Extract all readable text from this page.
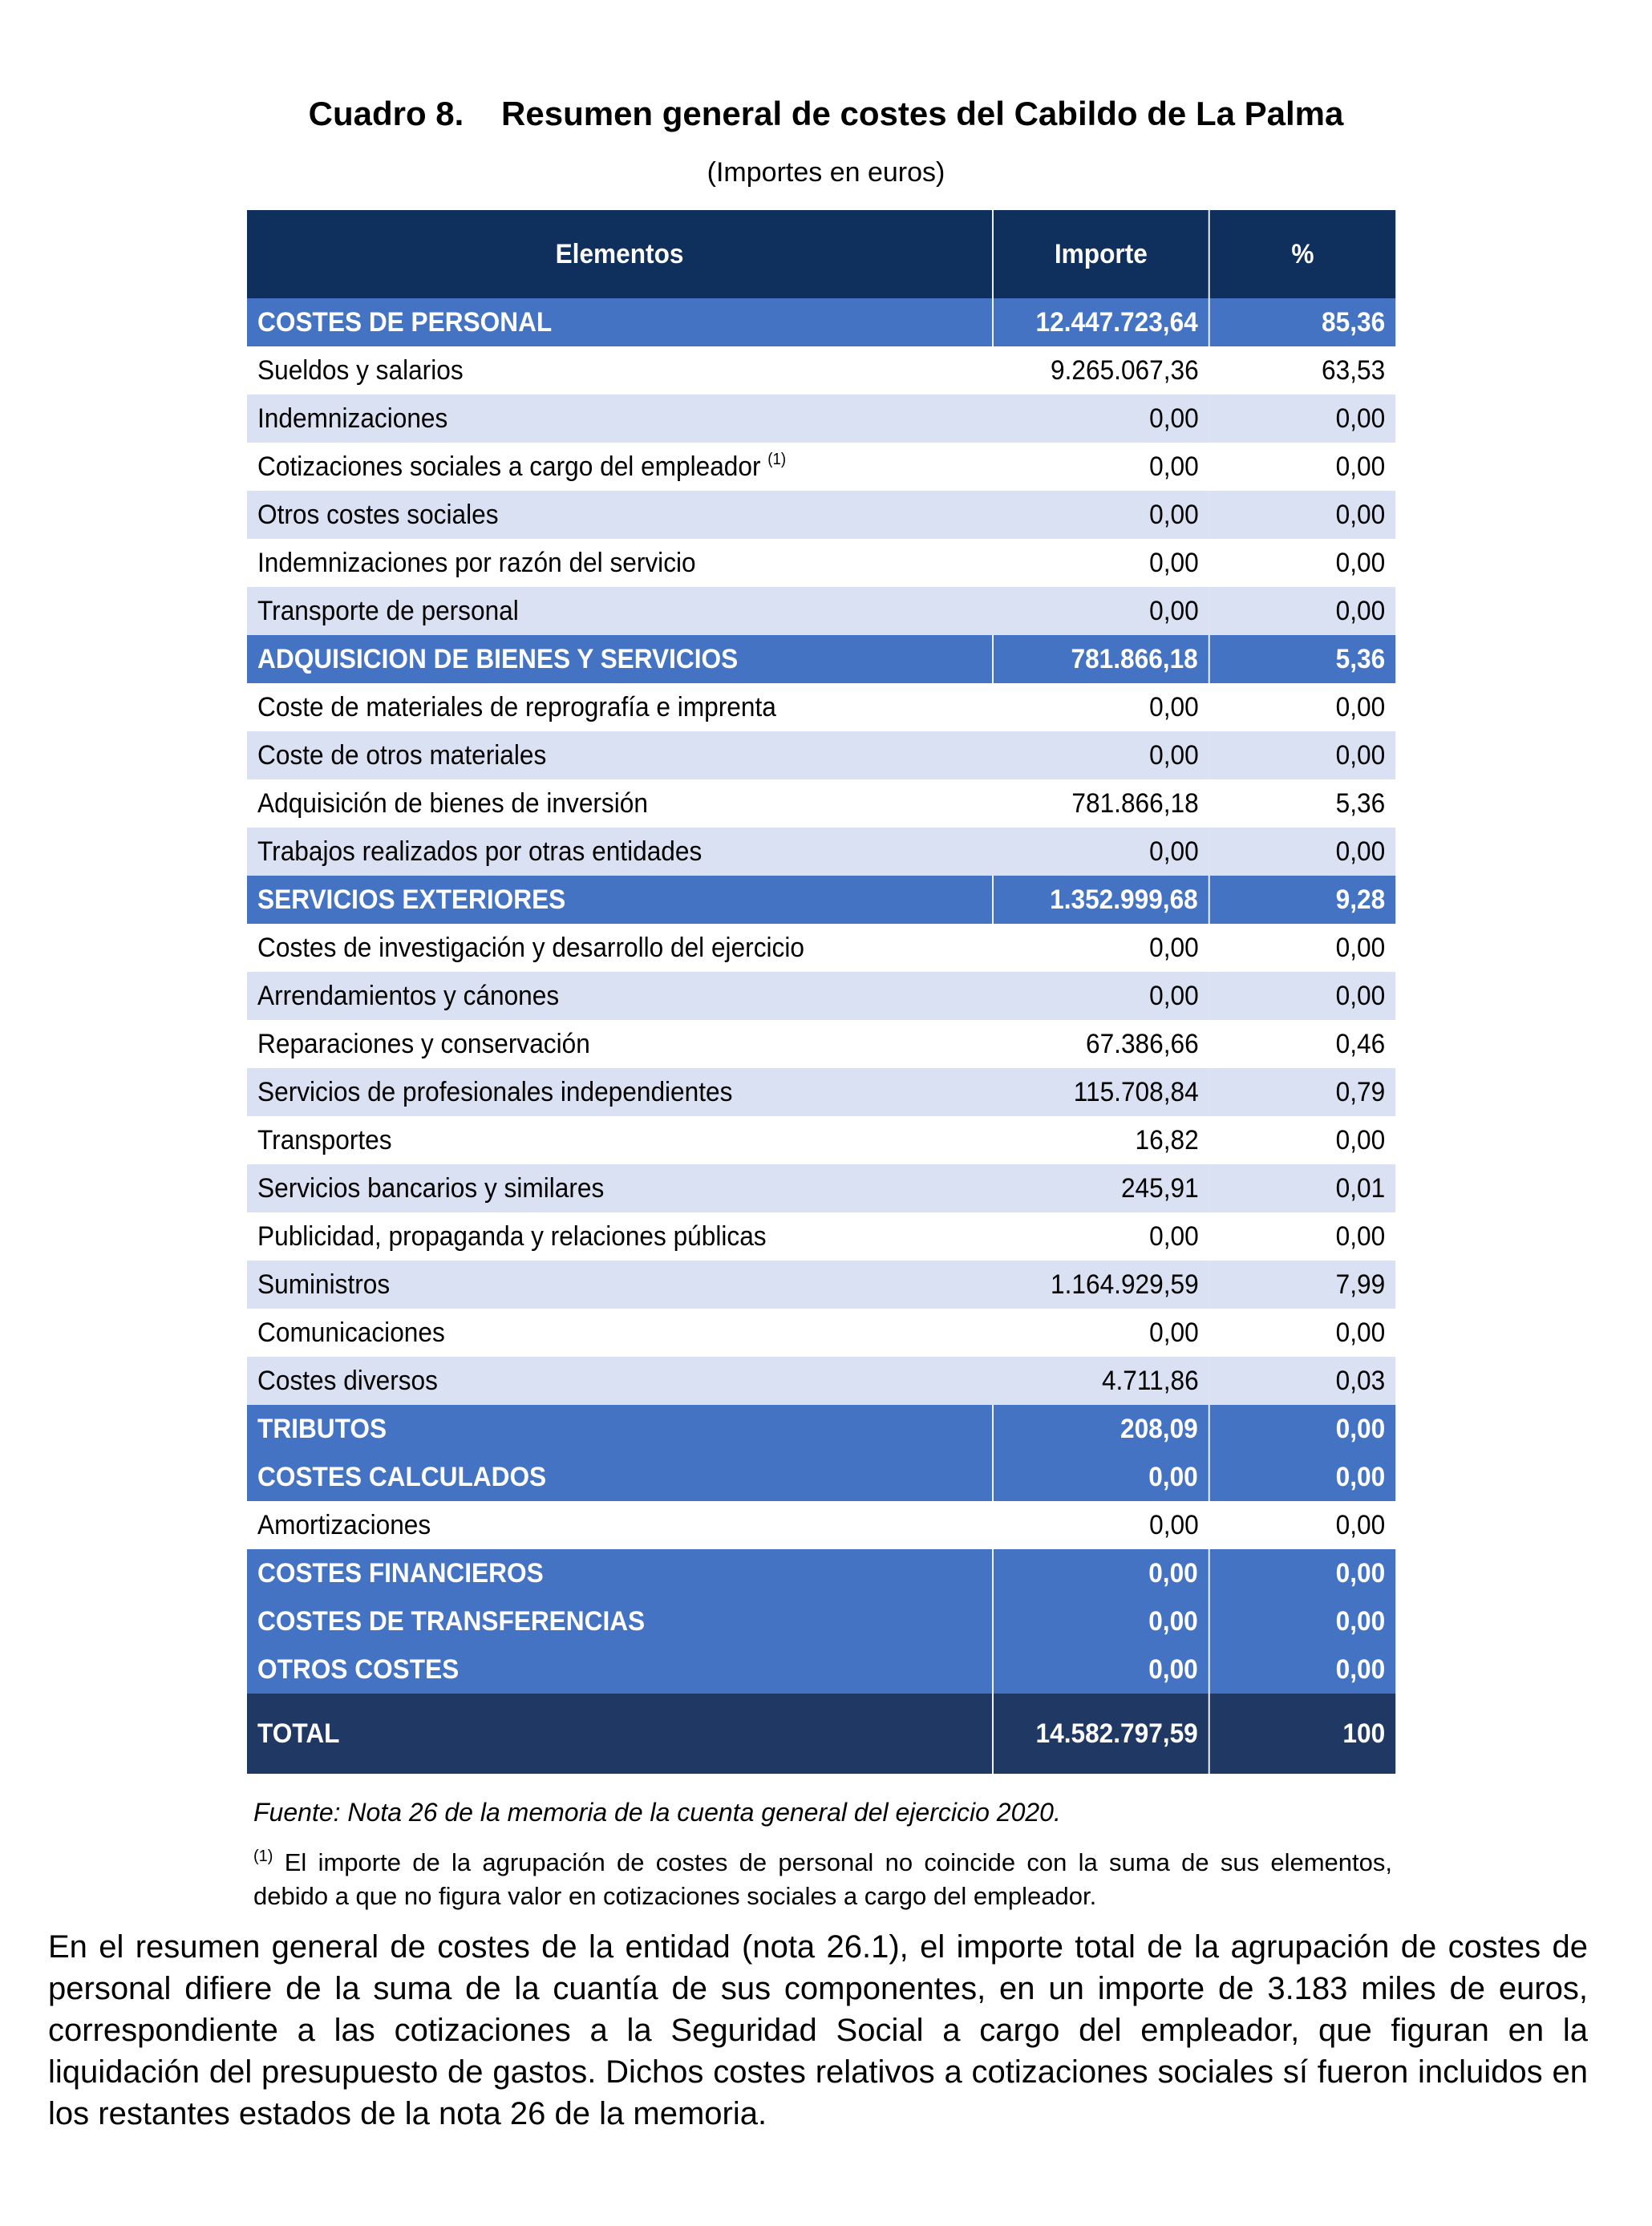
Cuadro 8. Resumen general de costes del Cabildo de La Palma
(Importes en euros)
Elementos	Importe	%
COSTES DE PERSONAL	12.447.723,64	85,36
Sueldos y salarios	9.265.067,36	63,53
Indemnizaciones	0,00	0,00
Cotizaciones sociales a cargo del empleador $^{(1)}$	0,00	0,00
Otros costes sociales	0,00	0,00
Indemnizaciones por razón del servicio	0,00	0,00
Transporte de personal	0,00	0,00
ADQUISICION DE BIENES Y SERVICIOS	781.866,18	5,36
Coste de materiales de reprografía e imprenta	0,00	0,00
Coste de otros materiales	0,00	0,00
Adquisición de bienes de inversión	781.866,18	5,36
Trabajos realizados por otras entidades	0,00	0,00
SERVICIOS EXTERIORES	1.352.999,68	9,28
Costes de investigación y desarrollo del ejercicio	0,00	0,00
Arrendamientos y cánones	0,00	0,00
Reparaciones y conservación	67.386,66	0,46
Servicios de profesionales independientes	115.708,84	0,79
Transportes	16,82	0,00
Servicios bancarios y similares	245,91	0,01
Publicidad, propaganda y relaciones públicas	0,00	0,00
Suministros	1.164.929,59	7,99
Comunicaciones	0,00	0,00
Costes diversos	4.711,86	0,03
TRIBUTOS	208,09	0,00
COSTES CALCULADOS	0,00	0,00
Amortizaciones	0,00	0,00
COSTES FINANCIEROS	0,00	0,00
COSTES DE TRANSFERENCIAS	0,00	0,00
OTROS COSTES	0,00	0,00
TOTAL	14.582.797,59	100
Fuente: Nota 26 de la memoria de la cuenta general del ejercicio 2020.
$^{(1)}$ El importe de la agrupación de costes de personal no coincide con la suma de sus elementos, debido a que no figura valor en cotizaciones sociales a cargo del empleador.
En el resumen general de costes de la entidad (nota 26.1), el importe total de la agrupación de costes de personal difiere de la suma de la cuantía de sus componentes, en un importe de 3.183 miles de euros, correspondiente a las cotizaciones a la Seguridad Social a cargo del empleador, que figuran en la liquidación del presupuesto de gastos. Dichos costes relativos a cotizaciones sociales sí fueron incluidos en los restantes estados de la nota 26 de la memoria.
